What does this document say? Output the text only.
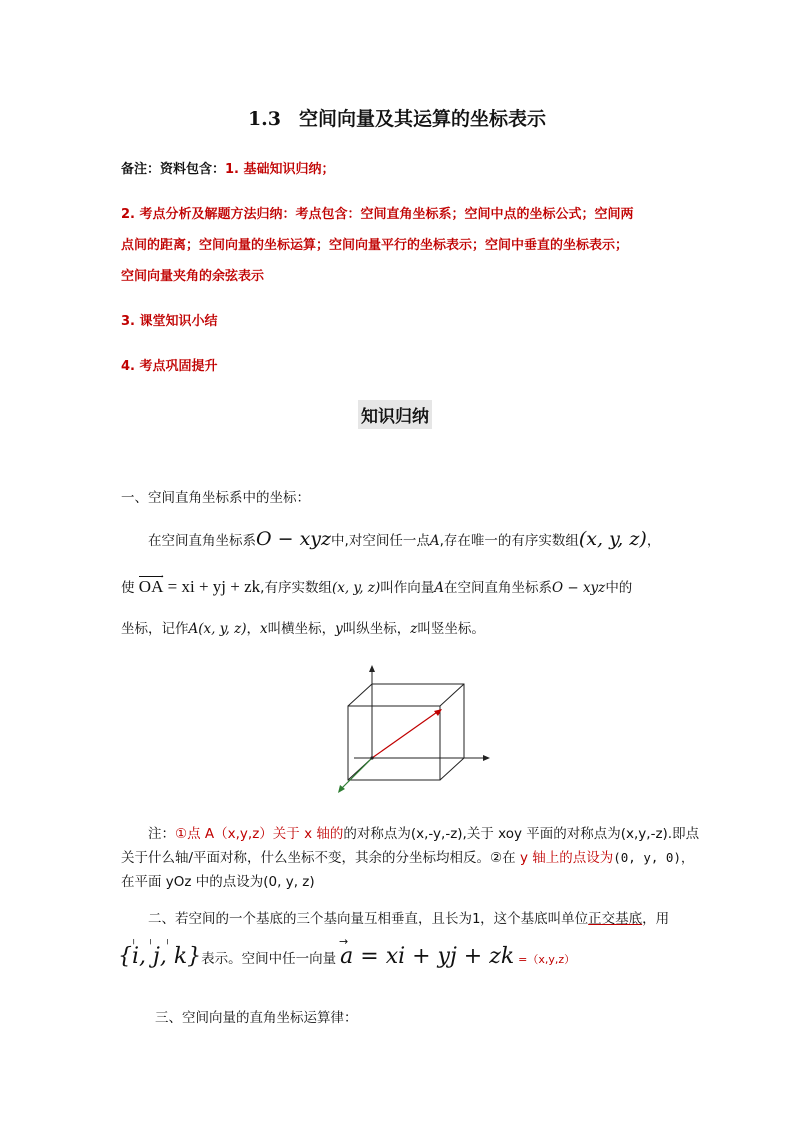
1.3 空间向量及其运算的坐标表示
备注：资料包含：1. 基础知识归纳；
2. 考点分析及解题方法归纳：考点包含：空间直角坐标系；空间中点的坐标公式；空间两
点间的距离；空间向量的坐标运算；空间向量平行的坐标表示；空间中垂直的坐标表示；
空间向量夹角的余弦表示
3. 课堂知识小结
4. 考点巩固提升
知识归纳
一、空间直角坐标系中的坐标：
在空间直角坐标系O − xyz中,对空间任一点A,存在唯一的有序实数组(x, y, z)，
使
→
OA = xi + yj + zk,有序实数组(x, y, z)叫作向量A在空间直角坐标系O − xyz中的
坐标，记作A(x, y, z)，x叫横坐标，y叫纵坐标，z叫竖坐标。
注：①点 A（x,y,z）关于 x 轴的的对称点为(x,-y,-z),关于 xoy 平面的对称点为(x,y,-z).即点
关于什么轴/平面对称，什么坐标不变，其余的分坐标均相反。②在 y 轴上的点设为(0, y, 0)，
在平面 yOz 中的点设为(0, y, z)
二、若空间的一个基底的三个基向量互相垂直，且长为1，这个基底叫单位正交基底，用
{i, j, k}表示。空间中任一向量 a = xi + yj + zk =（x,y,z）
╷    ╷    ╷	→
三、空间向量的直角坐标运算律：
